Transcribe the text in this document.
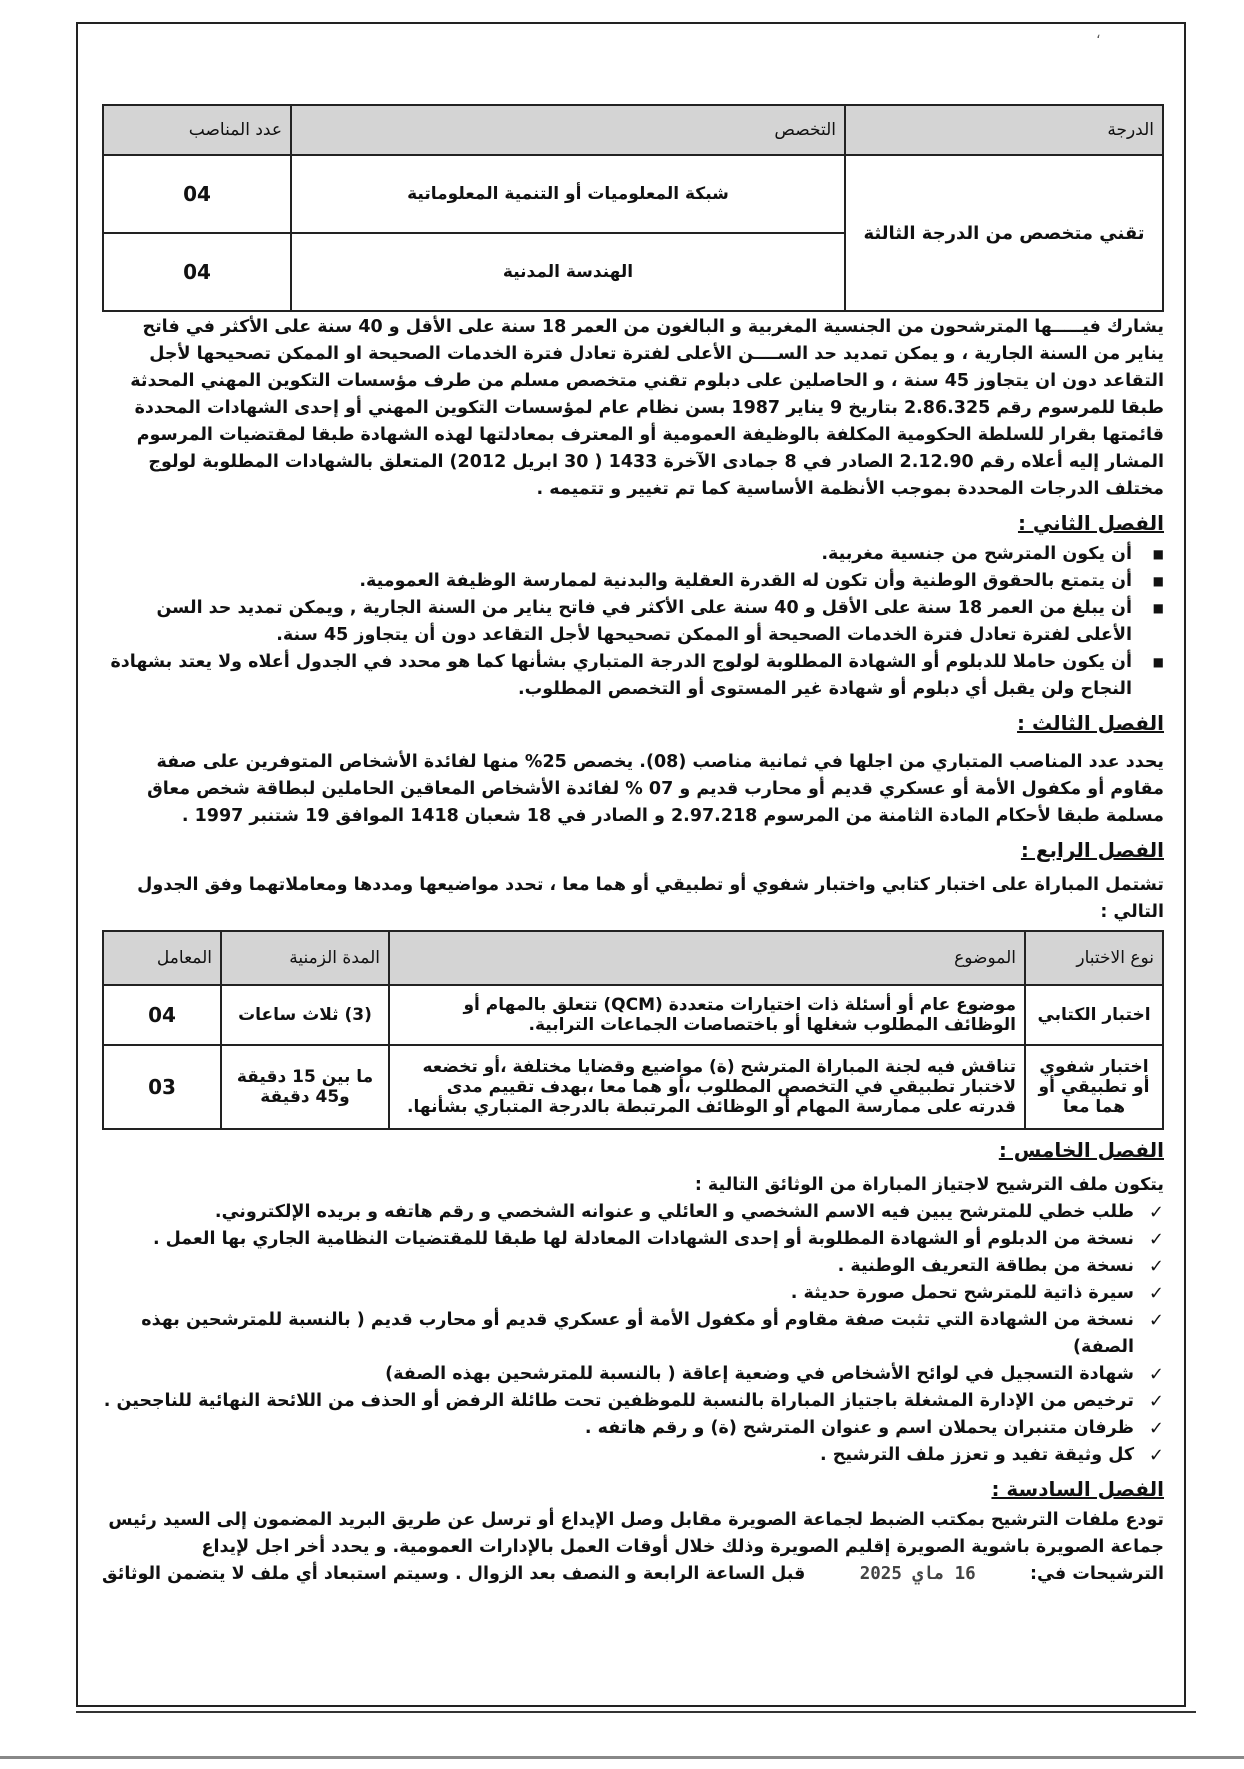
،
الدرجة	التخصص	عدد المناصب
تقني متخصص من الدرجة الثالثة	شبكة المعلوميات أو التنمية المعلوماتية	04
	الهندسة المدنية	04

يشارك فيـــــها المترشحون من الجنسية المغربية و البالغون من العمر 18 سنة على الأقل و 40 سنة على الأكثر في فاتح يناير من السنة الجارية ، و يمكن تمديد حد الســــن الأعلى لفترة تعادل فترة الخدمات الصحيحة او الممكن تصحيحها لأجل التقاعد دون ان يتجاوز 45 سنة ، و الحاصلين على دبلوم تقني متخصص مسلم من طرف مؤسسات التكوين المهني المحدثة طبقا للمرسوم رقم 2.86.325 بتاريخ 9 يناير 1987 بسن نظام عام لمؤسسات التكوين المهني أو إحدى الشهادات المحددة قائمتها بقرار للسلطة الحكومية المكلفة بالوظيفة العمومية أو المعترف بمعادلتها لهذه الشهادة طبقا لمقتضيات المرسوم المشار إليه أعلاه رقم 2.12.90 الصادر في 8 جمادى الآخرة 1433 ( 30 ابريل 2012) المتعلق بالشهادات المطلوبة لولوج مختلف الدرجات المحددة بموجب الأنظمة الأساسية كما تم تغيير و تتميمه .

الفصل الثاني :
■
أن يكون المترشح من جنسية مغربية.
■
أن يتمتع بالحقوق الوطنية وأن تكون له القدرة العقلية والبدنية لممارسة الوظيفة العمومية.
■
أن يبلغ من العمر 18 سنة على الأقل و 40 سنة على الأكثر في فاتح يناير من السنة الجارية , ويمكن تمديد حد السن الأعلى لفترة تعادل فترة الخدمات الصحيحة أو الممكن تصحيحها لأجل التقاعد دون أن يتجاوز 45 سنة.
■
أن يكون حاملا للدبلوم أو الشهادة المطلوبة لولوج الدرجة المتباري بشأنها كما هو محدد في الجدول أعلاه ولا يعتد بشهادة النجاح ولن يقبل أي دبلوم أو شهادة غير المستوى أو التخصص المطلوب.
الفصل الثالث :

يحدد عدد المناصب المتباري من اجلها في ثمانية مناصب (08). يخصص 25% منها لفائدة الأشخاص المتوفرين على صفة مقاوم أو مكفول الأمة أو عسكري قديم أو محارب قديم و 07 % لفائدة الأشخاص المعاقين الحاملين لبطاقة شخص معاق مسلمة طبقا لأحكام المادة الثامنة من المرسوم 2.97.218 و الصادر في 18 شعبان 1418 الموافق 19 شتنبر 1997 .

الفصل الرابع :

تشتمل المباراة على اختبار كتابي واختبار شفوي أو تطبيقي أو هما معا ، تحدد مواضيعها ومددها ومعاملاتهما وفق الجدول التالي :

نوع الاختبار	الموضوع	المدة الزمنية	المعامل
اختبار الكتابي	موضوع عام أو أسئلة ذات اختيارات متعددة (QCM) تتعلق بالمهام أو الوظائف المطلوب شغلها أو باختصاصات الجماعات الترابية.	(3) ثلاث ساعات	04
اختبار شفوي أو تطبيقي أو هما معا	تناقش فيه لجنة المباراة المترشح (ة) مواضيع وقضايا مختلفة ،أو تخضعه لاختبار تطبيقي في التخصص المطلوب ،أو هما معا ،بهدف تقييم مدى قدرته على ممارسة المهام أو الوظائف المرتبطة بالدرجة المتباري بشأنها.	ما بين 15 دقيقة و45 دقيقة	03
الفصل الخامس :

يتكون ملف الترشيح لاجتياز المباراة من الوثائق التالية :

✓
طلب خطي للمترشح يبين فيه الاسم الشخصي و العائلي و عنوانه الشخصي و رقم هاتفه و بريده الإلكتروني.
✓
نسخة من الدبلوم أو الشهادة المطلوبة أو إحدى الشهادات المعادلة لها طبقا للمقتضيات النظامية الجاري بها العمل .
✓
نسخة من بطاقة التعريف الوطنية .
✓
سيرة ذاتية للمترشح تحمل صورة حديثة .
✓
نسخة من الشهادة التي تثبت صفة مقاوم أو مكفول الأمة أو عسكري قديم أو محارب قديم ( بالنسبة للمترشحين بهذه الصفة)
✓
شهادة التسجيل في لوائح الأشخاص في وضعية إعاقة ( بالنسبة للمترشحين بهذه الصفة)
✓
ترخيص من الإدارة المشغلة باجتياز المباراة بالنسبة للموظفين تحت طائلة الرفض أو الحذف من اللائحة النهائية للناجحين .
✓
ظرفان متنبران يحملان اسم و عنوان المترشح (ة) و رقم هاتفه .
✓
كل وثيقة تفيد و تعزز ملف الترشيح .
الفصل السادسة :

تودع ملفات الترشيح بمكتب الضبط لجماعة الصويرة مقابل وصل الإيداع أو ترسل عن طريق البريد المضمون إلى السيد رئيس جماعة الصويرة باشوية الصويرة إقليم الصويرة وذلك خلال أوقات العمل بالإدارات العمومية. و يحدد أخر اجل لإيداع

الترشيحات في:

16 ماي 2025

قبل الساعة الرابعة و النصف بعد الزوال . وسيتم استبعاد أي ملف لا يتضمن الوثائق
